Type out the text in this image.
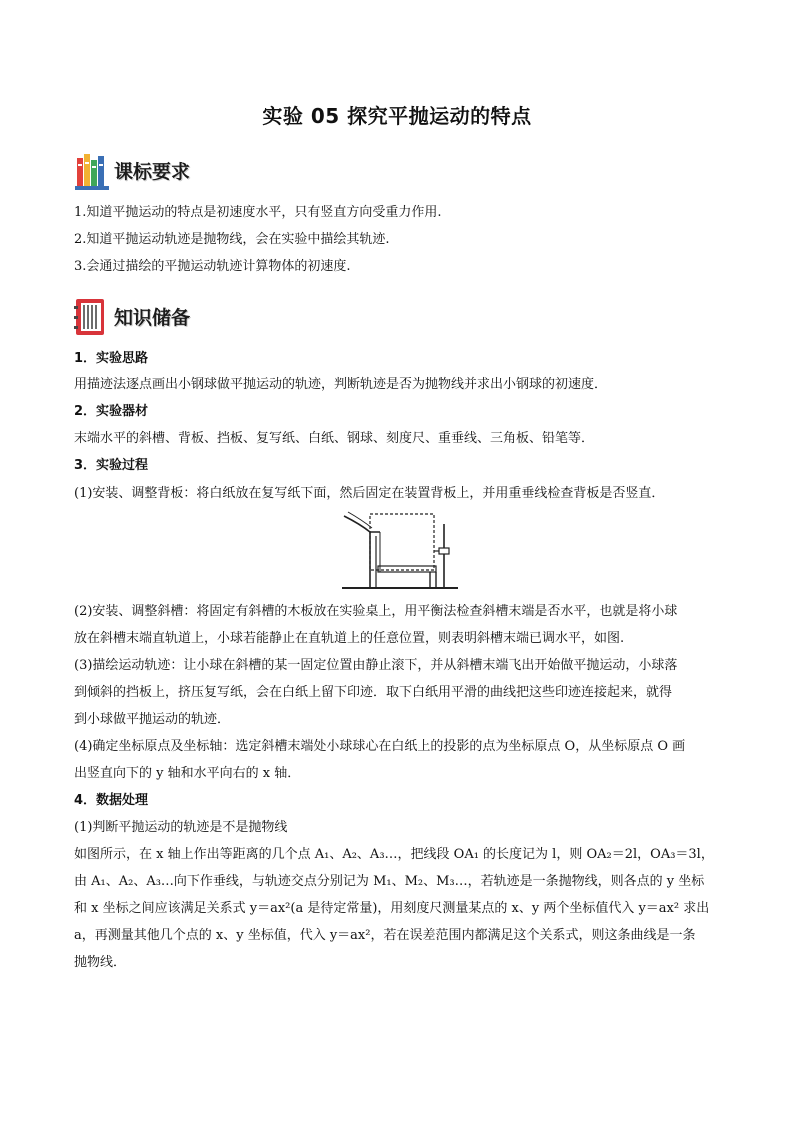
实验 05 探究平抛运动的特点
课标要求
1.知道平抛运动的特点是初速度水平，只有竖直方向受重力作用.
2.知道平抛运动轨迹是抛物线，会在实验中描绘其轨迹.
3.会通过描绘的平抛运动轨迹计算物体的初速度.
知识储备
1．实验思路
用描迹法逐点画出小钢球做平抛运动的轨迹，判断轨迹是否为抛物线并求出小钢球的初速度．
2．实验器材
末端水平的斜槽、背板、挡板、复写纸、白纸、钢球、刻度尺、重垂线、三角板、铅笔等．
3．实验过程
(1)安装、调整背板：将白纸放在复写纸下面，然后固定在装置背板上，并用重垂线检查背板是否竖直．
(2)安装、调整斜槽：将固定有斜槽的木板放在实验桌上，用平衡法检查斜槽末端是否水平，也就是将小球
放在斜槽末端直轨道上，小球若能静止在直轨道上的任意位置，则表明斜槽末端已调水平，如图.
(3)描绘运动轨迹：让小球在斜槽的某一固定位置由静止滚下，并从斜槽末端飞出开始做平抛运动，小球落
到倾斜的挡板上，挤压复写纸，会在白纸上留下印迹．取下白纸用平滑的曲线把这些印迹连接起来，就得
到小球做平抛运动的轨迹．
(4)确定坐标原点及坐标轴：选定斜槽末端处小球球心在白纸上的投影的点为坐标原点 O，从坐标原点 O 画
出竖直向下的 y 轴和水平向右的 x 轴．
4．数据处理
(1)判断平抛运动的轨迹是不是抛物线
如图所示，在 x 轴上作出等距离的几个点 A₁、A₂、A₃…，把线段 OA₁ 的长度记为 l，则 OA₂＝2l，OA₃＝3l，
由 A₁、A₂、A₃…向下作垂线，与轨迹交点分别记为 M₁、M₂、M₃…，若轨迹是一条抛物线，则各点的 y 坐标
和 x 坐标之间应该满足关系式 y＝ax²(a 是待定常量)，用刻度尺测量某点的 x、y 两个坐标值代入 y＝ax² 求出
a，再测量其他几个点的 x、y 坐标值，代入 y＝ax²，若在误差范围内都满足这个关系式，则这条曲线是一条
抛物线．
